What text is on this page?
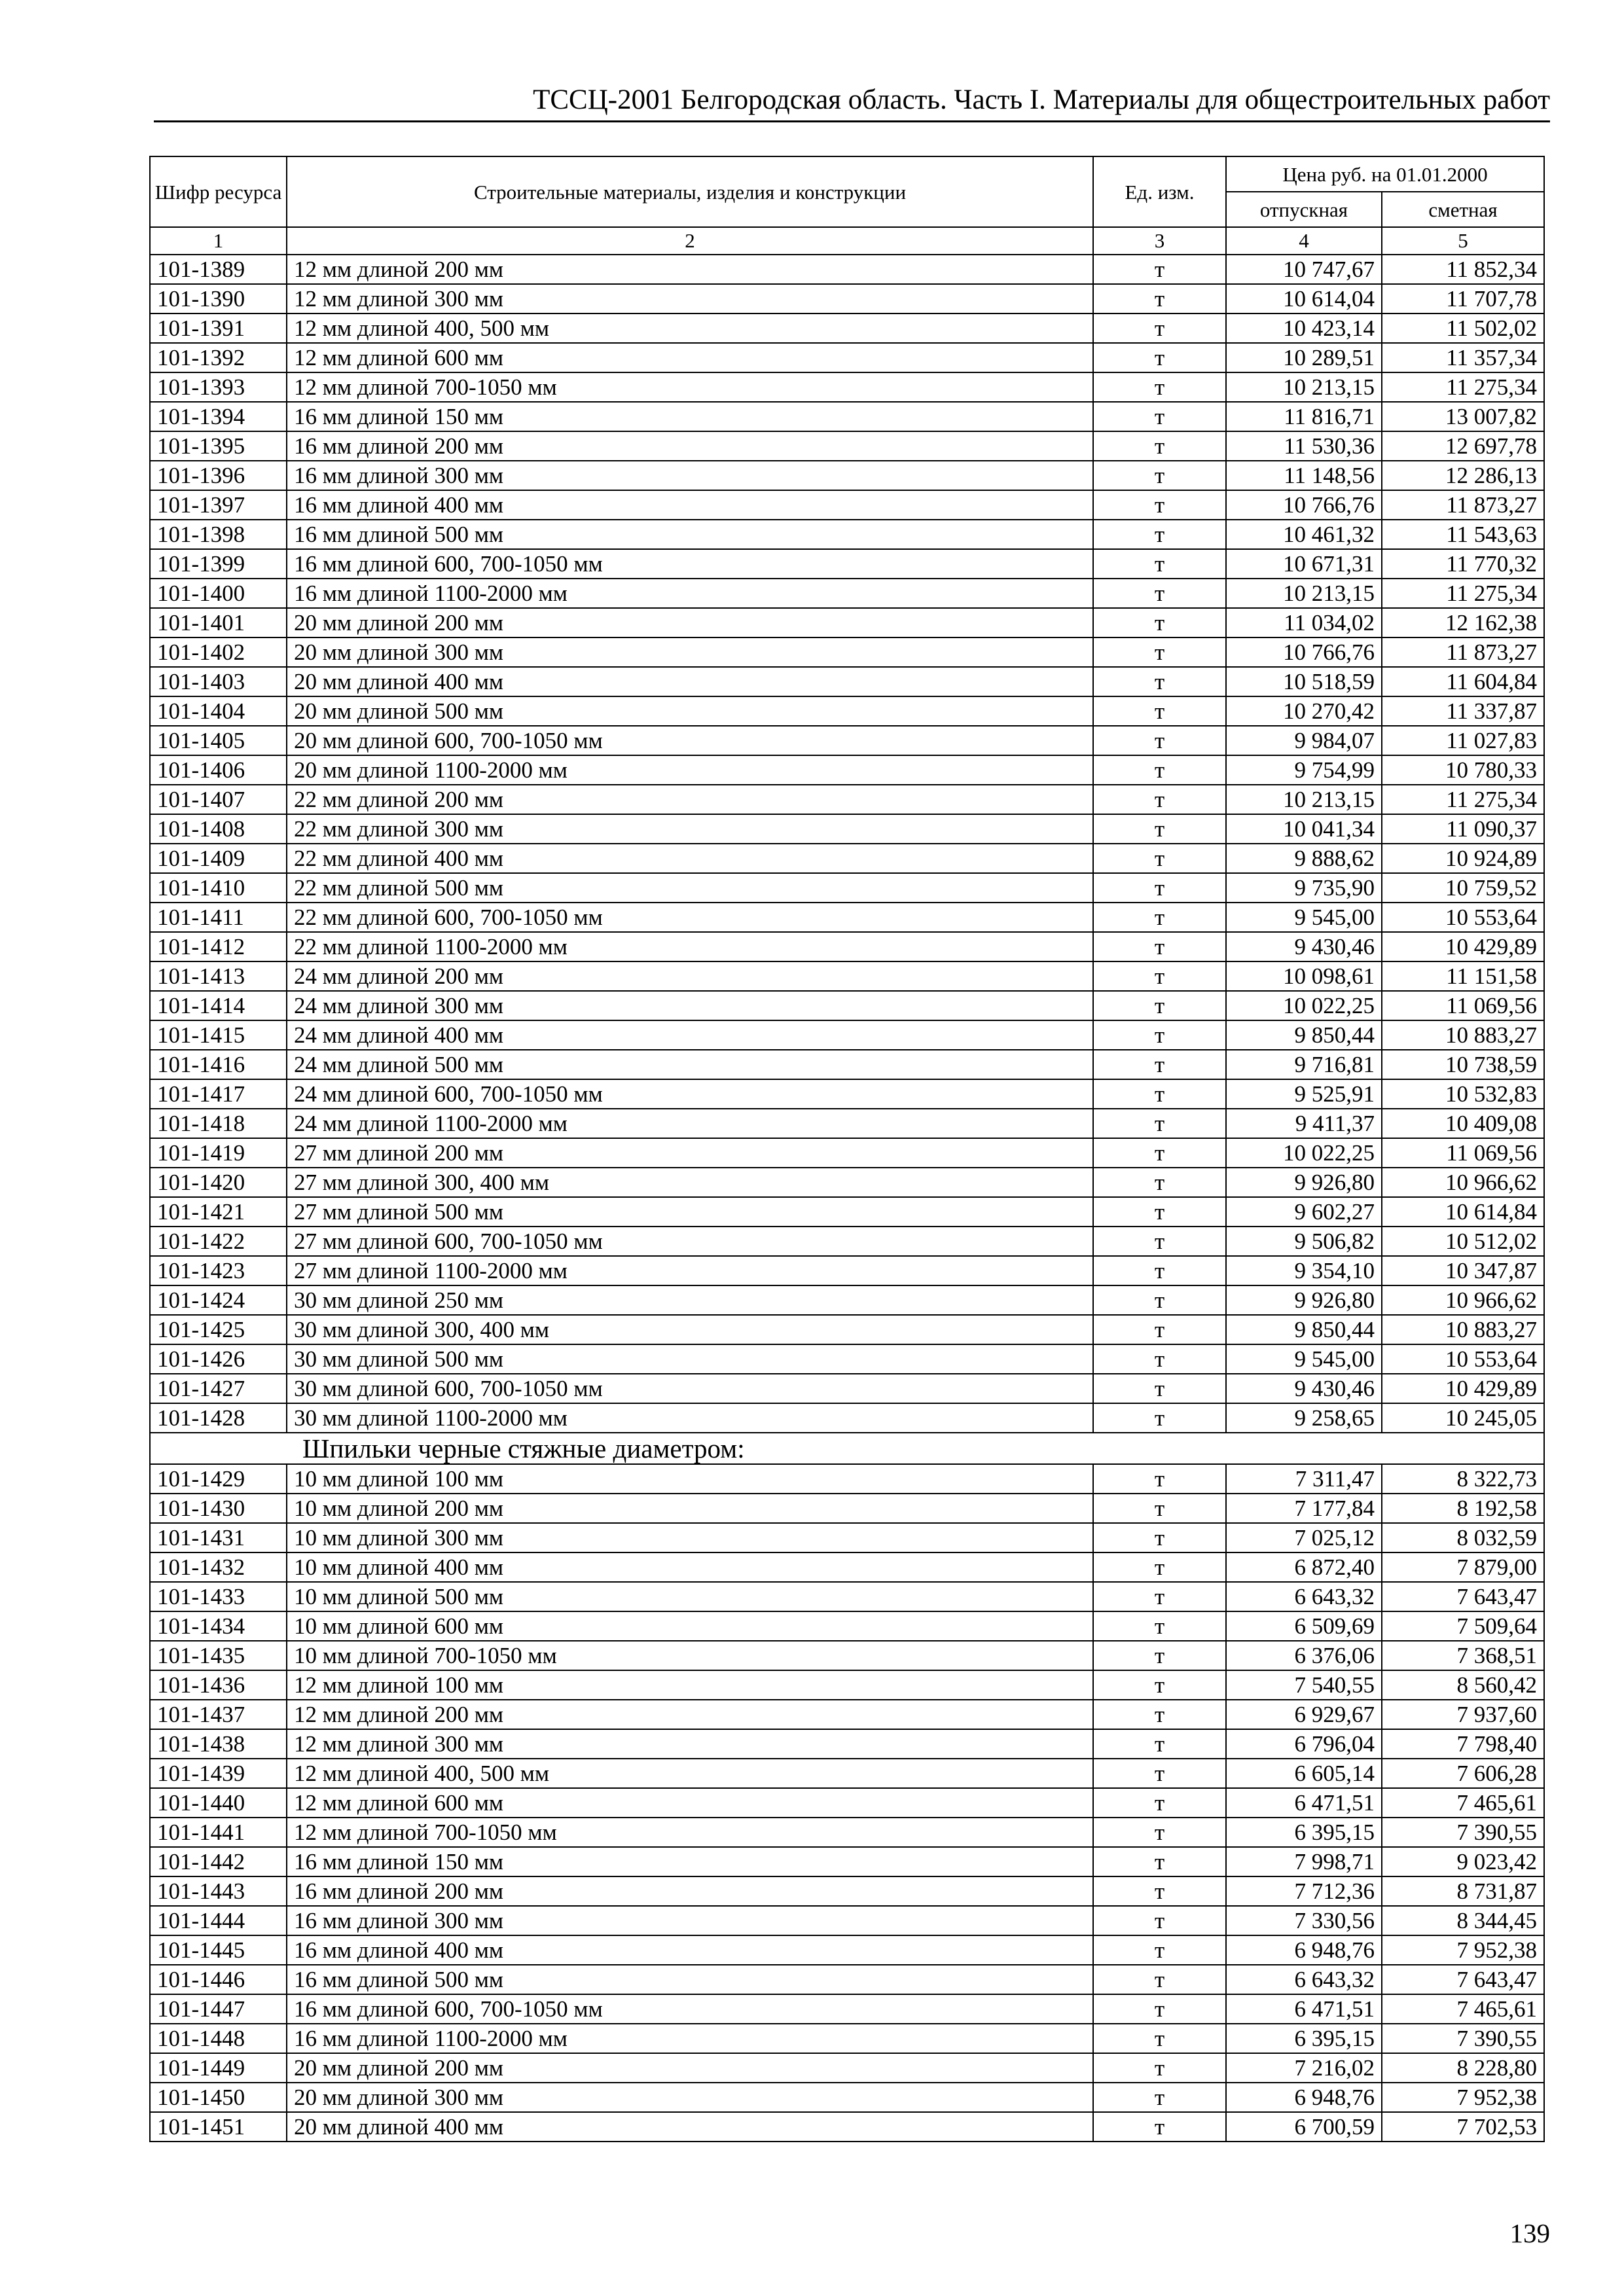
ТССЦ-2001 Белгородская область. Часть I. Материалы для общестроительных работ
Шифр ресурса	Строительные материалы, изделия и конструкции	Ед. изм.	Цена руб. на 01.01.2000	
			отпускная	сметная
1	2	3	4	5
101-1389	12 мм длиной 200 мм	т	10 747,67	11 852,34
101-1390	12 мм длиной 300 мм	т	10 614,04	11 707,78
101-1391	12 мм длиной 400, 500 мм	т	10 423,14	11 502,02
101-1392	12 мм длиной 600 мм	т	10 289,51	11 357,34
101-1393	12 мм длиной 700-1050 мм	т	10 213,15	11 275,34
101-1394	16 мм длиной 150 мм	т	11 816,71	13 007,82
101-1395	16 мм длиной 200 мм	т	11 530,36	12 697,78
101-1396	16 мм длиной 300 мм	т	11 148,56	12 286,13
101-1397	16 мм длиной 400 мм	т	10 766,76	11 873,27
101-1398	16 мм длиной 500 мм	т	10 461,32	11 543,63
101-1399	16 мм длиной 600, 700-1050 мм	т	10 671,31	11 770,32
101-1400	16 мм длиной 1100-2000 мм	т	10 213,15	11 275,34
101-1401	20 мм длиной 200 мм	т	11 034,02	12 162,38
101-1402	20 мм длиной 300 мм	т	10 766,76	11 873,27
101-1403	20 мм длиной 400 мм	т	10 518,59	11 604,84
101-1404	20 мм длиной 500 мм	т	10 270,42	11 337,87
101-1405	20 мм длиной 600, 700-1050 мм	т	9 984,07	11 027,83
101-1406	20 мм длиной 1100-2000 мм	т	9 754,99	10 780,33
101-1407	22 мм длиной 200 мм	т	10 213,15	11 275,34
101-1408	22 мм длиной 300 мм	т	10 041,34	11 090,37
101-1409	22 мм длиной 400 мм	т	9 888,62	10 924,89
101-1410	22 мм длиной 500 мм	т	9 735,90	10 759,52
101-1411	22 мм длиной 600, 700-1050 мм	т	9 545,00	10 553,64
101-1412	22 мм длиной 1100-2000 мм	т	9 430,46	10 429,89
101-1413	24 мм длиной 200 мм	т	10 098,61	11 151,58
101-1414	24 мм длиной 300 мм	т	10 022,25	11 069,56
101-1415	24 мм длиной 400 мм	т	9 850,44	10 883,27
101-1416	24 мм длиной 500 мм	т	9 716,81	10 738,59
101-1417	24 мм длиной 600, 700-1050 мм	т	9 525,91	10 532,83
101-1418	24 мм длиной 1100-2000 мм	т	9 411,37	10 409,08
101-1419	27 мм длиной 200 мм	т	10 022,25	11 069,56
101-1420	27 мм длиной 300, 400 мм	т	9 926,80	10 966,62
101-1421	27 мм длиной 500 мм	т	9 602,27	10 614,84
101-1422	27 мм длиной 600, 700-1050 мм	т	9 506,82	10 512,02
101-1423	27 мм длиной 1100-2000 мм	т	9 354,10	10 347,87
101-1424	30 мм длиной 250 мм	т	9 926,80	10 966,62
101-1425	30 мм длиной 300, 400 мм	т	9 850,44	10 883,27
101-1426	30 мм длиной 500 мм	т	9 545,00	10 553,64
101-1427	30 мм длиной 600, 700-1050 мм	т	9 430,46	10 429,89
101-1428	30 мм длиной 1100-2000 мм	т	9 258,65	10 245,05
Шпильки черные стяжные диаметром:				
101-1429	10 мм длиной 100 мм	т	7 311,47	8 322,73
101-1430	10 мм длиной 200 мм	т	7 177,84	8 192,58
101-1431	10 мм длиной 300 мм	т	7 025,12	8 032,59
101-1432	10 мм длиной 400 мм	т	6 872,40	7 879,00
101-1433	10 мм длиной 500 мм	т	6 643,32	7 643,47
101-1434	10 мм длиной 600 мм	т	6 509,69	7 509,64
101-1435	10 мм длиной 700-1050 мм	т	6 376,06	7 368,51
101-1436	12 мм длиной 100 мм	т	7 540,55	8 560,42
101-1437	12 мм длиной 200 мм	т	6 929,67	7 937,60
101-1438	12 мм длиной 300 мм	т	6 796,04	7 798,40
101-1439	12 мм длиной 400, 500 мм	т	6 605,14	7 606,28
101-1440	12 мм длиной 600 мм	т	6 471,51	7 465,61
101-1441	12 мм длиной 700-1050 мм	т	6 395,15	7 390,55
101-1442	16 мм длиной 150 мм	т	7 998,71	9 023,42
101-1443	16 мм длиной 200 мм	т	7 712,36	8 731,87
101-1444	16 мм длиной 300 мм	т	7 330,56	8 344,45
101-1445	16 мм длиной 400 мм	т	6 948,76	7 952,38
101-1446	16 мм длиной 500 мм	т	6 643,32	7 643,47
101-1447	16 мм длиной 600, 700-1050 мм	т	6 471,51	7 465,61
101-1448	16 мм длиной 1100-2000 мм	т	6 395,15	7 390,55
101-1449	20 мм длиной 200 мм	т	7 216,02	8 228,80
101-1450	20 мм длиной 300 мм	т	6 948,76	7 952,38
101-1451	20 мм длиной 400 мм	т	6 700,59	7 702,53
139
